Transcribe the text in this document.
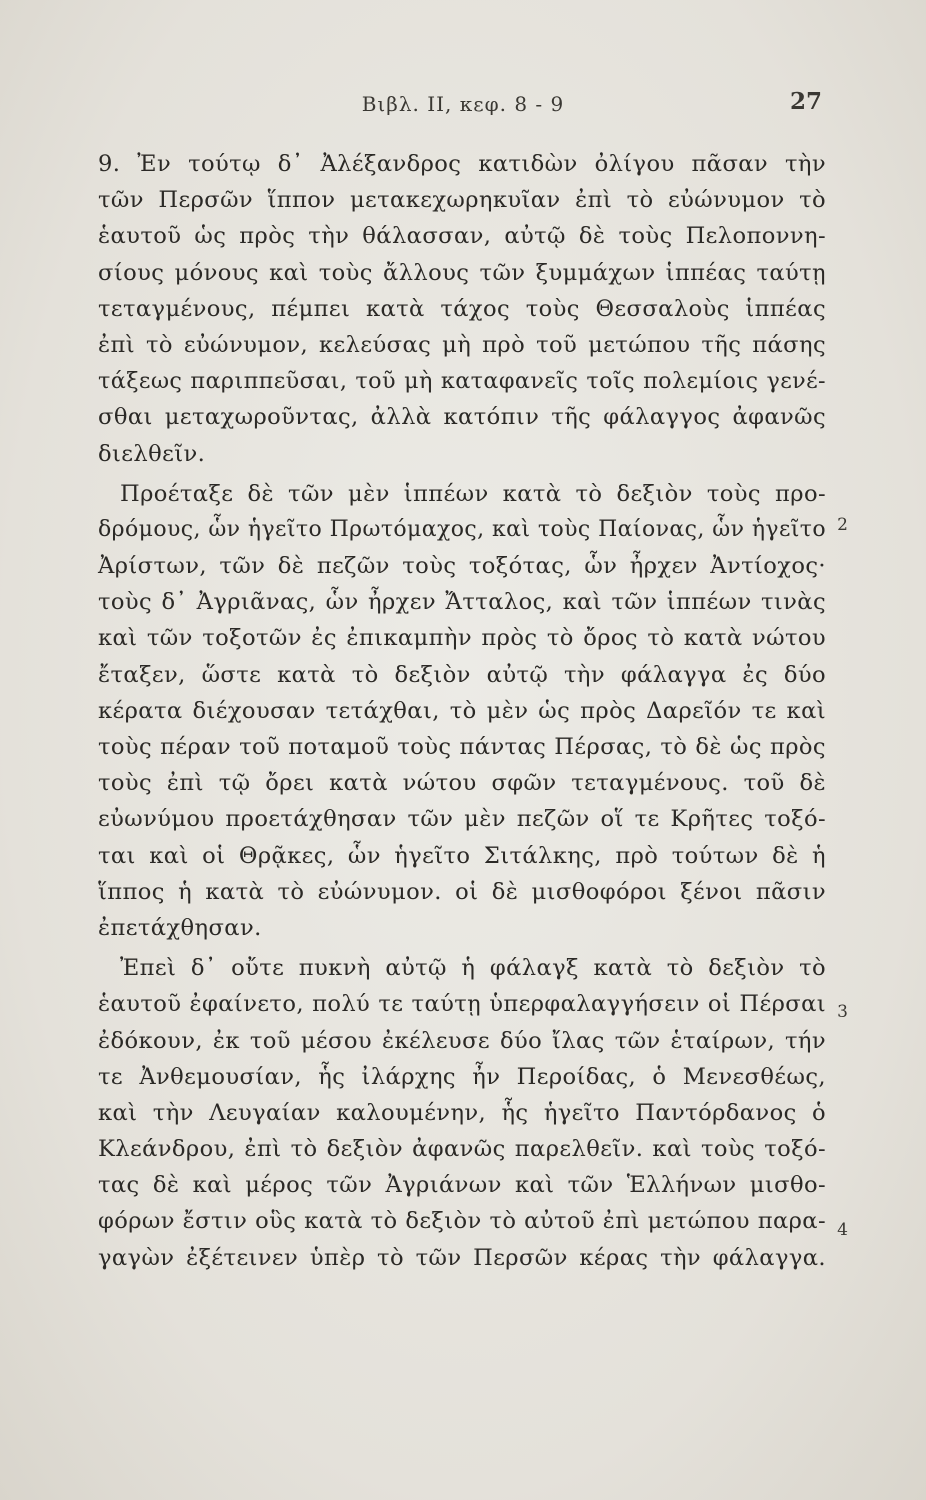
Βιβλ. II, κεφ. 8 - 9	27
9. Ἐν τούτῳ δ᾽ Ἀλέξανδρος κατιδὼν ὀλίγου πᾶσαν τὴν
τῶν Περσῶν ἵππον μετακεχωρηκυῖαν ἐπὶ τὸ εὐώνυμον τὸ
ἑαυτοῦ ὡς πρὸς τὴν θάλασσαν, αὐτῷ δὲ τοὺς Πελοποννη-
σίους μόνους καὶ τοὺς ἄλλους τῶν ξυμμάχων ἱππέας ταύτῃ
τεταγμένους, πέμπει κατὰ τάχος τοὺς Θεσσαλοὺς ἱππέας
ἐπὶ τὸ εὐώνυμον, κελεύσας μὴ πρὸ τοῦ μετώπου τῆς πάσης
τάξεως παριππεῦσαι, τοῦ μὴ καταφανεῖς τοῖς πολεμίοις γενέ-
σθαι μεταχωροῦντας, ἀλλὰ κατόπιν τῆς φάλαγγος ἀφανῶς
διελθεῖν.
Προέταξε δὲ τῶν μὲν ἱππέων κατὰ τὸ δεξιὸν τοὺς προ-
δρόμους, ὧν ἡγεῖτο Πρωτόμαχος, καὶ τοὺς Παίονας, ὧν ἡγεῖτο
Ἀρίστων, τῶν δὲ πεζῶν τοὺς τοξότας, ὧν ἦρχεν Ἀντίοχος·
τοὺς δ᾽ Ἀγριᾶνας, ὧν ἦρχεν Ἄτταλος, καὶ τῶν ἱππέων τινὰς
καὶ τῶν τοξοτῶν ἐς ἐπικαμπὴν πρὸς τὸ ὄρος τὸ κατὰ νώτου
ἔταξεν, ὥστε κατὰ τὸ δεξιὸν αὐτῷ τὴν φάλαγγα ἐς δύο
κέρατα διέχουσαν τετάχθαι, τὸ μὲν ὡς πρὸς Δαρεῖόν τε καὶ
τοὺς πέραν τοῦ ποταμοῦ τοὺς πάντας Πέρσας, τὸ δὲ ὡς πρὸς
τοὺς ἐπὶ τῷ ὄρει κατὰ νώτου σφῶν τεταγμένους. τοῦ δὲ
εὐωνύμου προετάχθησαν τῶν μὲν πεζῶν οἵ τε Κρῆτες τοξό-
ται καὶ οἱ Θρᾷκες, ὧν ἡγεῖτο Σιτάλκης, πρὸ τούτων δὲ ἡ
ἵππος ἡ κατὰ τὸ εὐώνυμον. οἱ δὲ μισθοφόροι ξένοι πᾶσιν
ἐπετάχθησαν.
Ἐπεὶ δ᾽ οὔτε πυκνὴ αὐτῷ ἡ φάλαγξ κατὰ τὸ δεξιὸν τὸ
ἑαυτοῦ ἐφαίνετο, πολύ τε ταύτῃ ὑπερφαλαγγήσειν οἱ Πέρσαι
ἐδόκουν, ἐκ τοῦ μέσου ἐκέλευσε δύο ἴλας τῶν ἑταίρων, τήν
τε Ἀνθεμουσίαν, ἧς ἰλάρχης ἦν Περοίδας, ὁ Μενεσθέως,
καὶ τὴν Λευγαίαν καλουμένην, ἧς ἡγεῖτο Παντόρδανος ὁ
Κλεάνδρου, ἐπὶ τὸ δεξιὸν ἀφανῶς παρελθεῖν. καὶ τοὺς τοξό-
τας δὲ καὶ μέρος τῶν Ἀγριάνων καὶ τῶν Ἑλλήνων μισθο-
φόρων ἔστιν οὓς κατὰ τὸ δεξιὸν τὸ αὐτοῦ ἐπὶ μετώπου παρα-
γαγὼν ἐξέτεινεν ὑπὲρ τὸ τῶν Περσῶν κέρας τὴν φάλαγγα.
2
3
4
